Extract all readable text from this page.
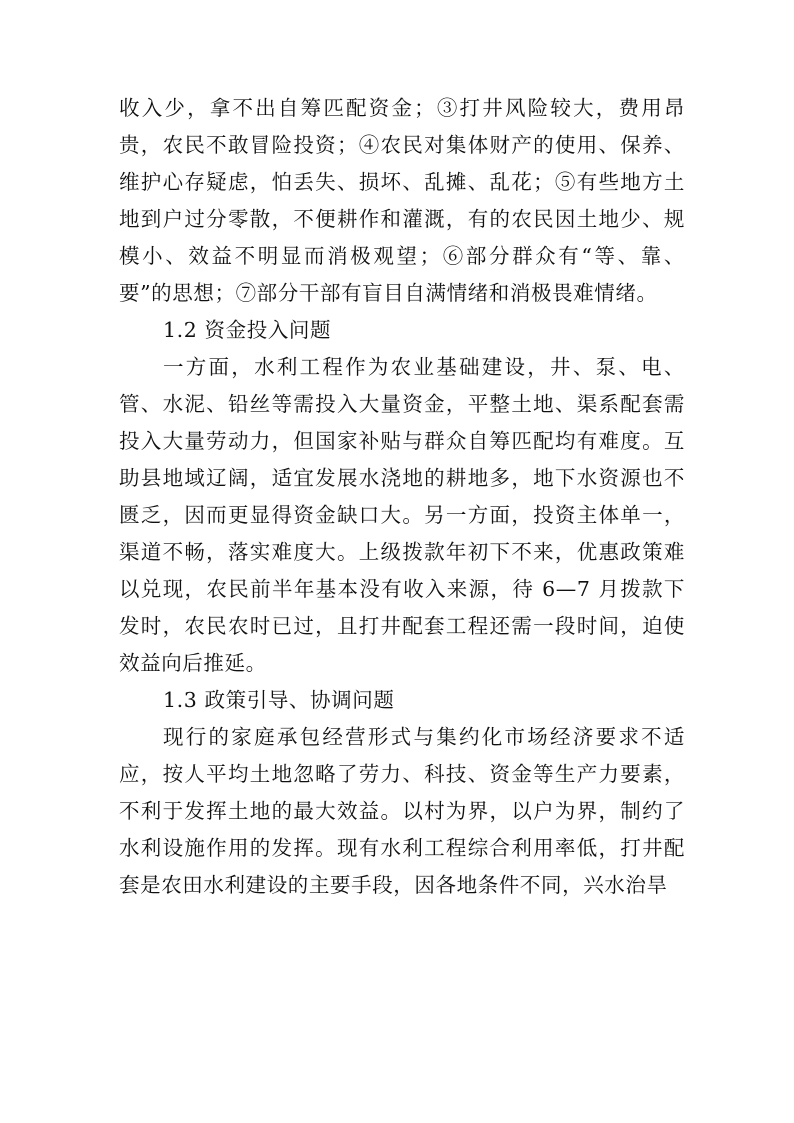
收入少，拿不出自筹匹配资金；③打井风险较大，费用昂贵，农民不敢冒险投资；④农民对集体财产的使用、保养、维护心存疑虑，怕丢失、损坏、乱摊、乱花；⑤有些地方土地到户过分零散，不便耕作和灌溉，有的农民因土地少、规模小、效益不明显而消极观望；⑥部分群众有“等、靠、要”的思想；⑦部分干部有盲目自满情绪和消极畏难情绪。

1.2 资金投入问题

一方面，水利工程作为农业基础建设，井、泵、电、管、水泥、铅丝等需投入大量资金，平整土地、渠系配套需投入大量劳动力，但国家补贴与群众自筹匹配均有难度。互助县地域辽阔，适宜发展水浇地的耕地多，地下水资源也不匮乏，因而更显得资金缺口大。另一方面，投资主体单一，渠道不畅，落实难度大。上级拨款年初下不来，优惠政策难以兑现，农民前半年基本没有收入来源，待 6—7 月拨款下发时，农民农时已过，且打井配套工程还需一段时间，迫使效益向后推延。

1.3 政策引导、协调问题

现行的家庭承包经营形式与集约化市场经济要求不适应，按人平均土地忽略了劳力、科技、资金等生产力要素，不利于发挥土地的最大效益。以村为界，以户为界，制约了水利设施作用的发挥。现有水利工程综合利用率低，打井配套是农田水利建设的主要手段，因各地条件不同，兴水治旱
